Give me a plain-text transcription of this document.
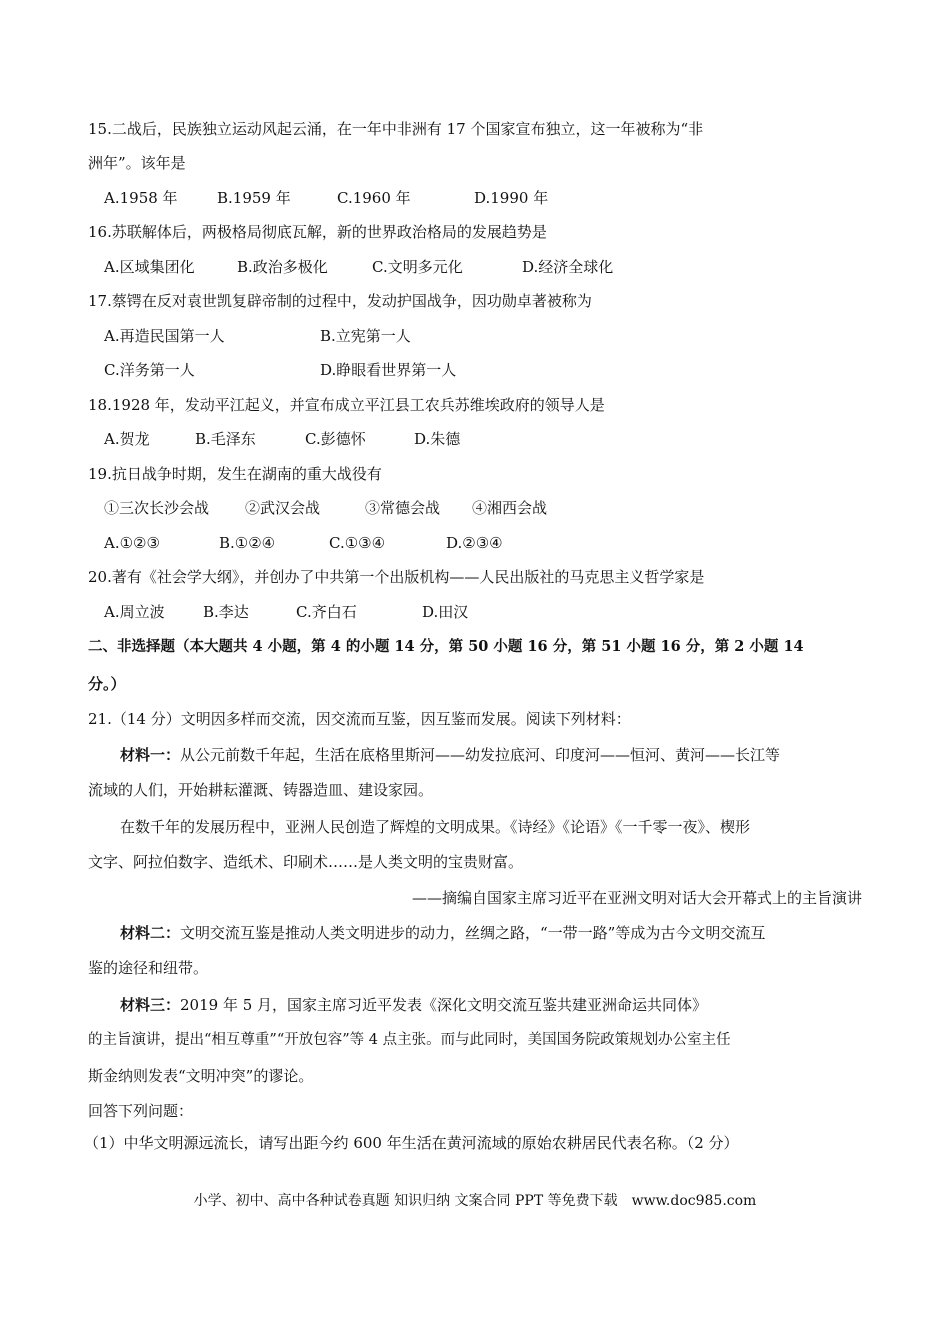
15.二战后，民族独立运动风起云涌，在一年中非洲有 17 个国家宣布独立，这一年被称为“非
洲年”。该年是
A.1958 年	B.1959 年	C.1960 年	D.1990 年
16.苏联解体后，两极格局彻底瓦解，新的世界政治格局的发展趋势是
A.区域集团化	B.政治多极化	C.文明多元化	D.经济全球化
17.蔡锷在反对袁世凯复辟帝制的过程中，发动护国战争，因功勋卓著被称为
A.再造民国第一人	B.立宪第一人
C.洋务第一人	D.睁眼看世界第一人
18.1928 年，发动平江起义，并宣布成立平江县工农兵苏维埃政府的领导人是
A.贺龙	B.毛泽东	C.彭德怀	D.朱德
19.抗日战争时期，发生在湖南的重大战役有
①三次长沙会战 ②武汉会战	③常德会战 ④湘西会战
A.①②③	B.①②④	C.①③④	D.②③④
20.著有《社会学大纲》，并创办了中共第一个出版机构——人民出版社的马克思主义哲学家是
A.周立波	B.李达	C.齐白石	D.田汉
二、非选择题（本大题共 4 小题，第 4 的小题 14 分，第 50 小题 16 分，第 51 小题 16 分，第 2 小题 14
分。）
21.（14 分）文明因多样而交流，因交流而互鉴，因互鉴而发展。阅读下列材料：
材料一：从公元前数千年起，生活在底格里斯河——幼发拉底河、印度河——恒河、黄河——长江等
流域的人们，开始耕耘灌溉、铸器造皿、建设家园。
在数千年的发展历程中，亚洲人民创造了辉煌的文明成果。《诗经》《论语》《一千零一夜》、楔形
文字、阿拉伯数字、造纸术、印刷术……是人类文明的宝贵财富。
——摘编自国家主席习近平在亚洲文明对话大会开幕式上的主旨演讲
材料二：文明交流互鉴是推动人类文明进步的动力，丝绸之路，“一带一路”等成为古今文明交流互
鉴的途径和纽带。
材料三：2019 年 5 月，国家主席习近平发表《深化文明交流互鉴共建亚洲命运共同体》
的主旨演讲，提出“相互尊重”“开放包容”等 4 点主张。而与此同时，美国国务院政策规划办公室主任
斯金纳则发表“文明冲突”的谬论。
回答下列问题：
（1）中华文明源远流长，请写出距今约 600 年生活在黄河流域的原始农耕居民代表名称。（2 分）
小学、初中、高中各种试卷真题 知识归纳 文案合同 PPT 等免费下载　www.doc985.com
